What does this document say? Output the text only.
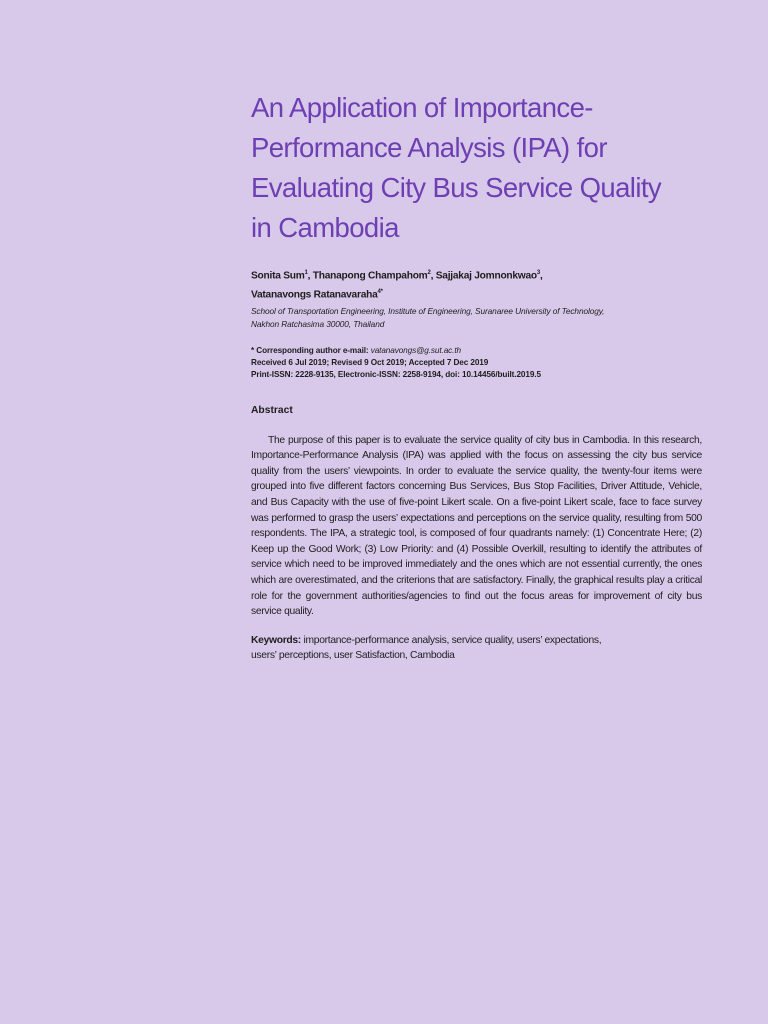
An Application of Importance-
Performance Analysis (IPA) for
Evaluating City Bus Service Quality
in Cambodia
Sonita Sum$^1$, Thanapong Champahom$^2$, Sajjakaj Jomnonkwao$^3$,
Vatanavongs Ratanavaraha$^{4*}$
School of Transportation Engineering, Institute of Engineering, Suranaree University of Technology,
Nakhon Ratchasima 30000, Thailand
* Corresponding author e-mail: vatanavongs@g.sut.ac.th
Received 6 Jul 2019; Revised 9 Oct 2019; Accepted 7 Dec 2019
Print-ISSN: 2228-9135, Electronic-ISSN: 2258-9194, doi: 10.14456/built.2019.5
Abstract

The purpose of this paper is to evaluate the service quality of city bus in Cambodia. In this research, Importance-Performance Analysis (IPA) was applied with the focus on assessing the city bus service quality from the users’ viewpoints. In order to evaluate the service quality, the twenty-four items were grouped into five different factors concerning Bus Services, Bus Stop Facilities, Driver Attitude, Vehicle, and Bus Capacity with the use of five-point Likert scale. On a five-point Likert scale, face to face survey was performed to grasp the users’ expectations and perceptions on the service quality, resulting from 500 respondents. The IPA, a strategic tool, is composed of four quadrants namely: (1) Concentrate Here; (2) Keep up the Good Work; (3) Low Priority: and (4) Possible Overkill, resulting to identify the attributes of service which need to be improved immediately and the ones which are not essential currently, the ones which are overestimated, and the criterions that are satisfactory. Finally, the graphical results play a critical role for the government authorities/agencies to find out the focus areas for improvement of city bus service quality.

Keywords: importance-performance analysis, service quality, users’ expectations,
users’ perceptions, user Satisfaction, Cambodia
